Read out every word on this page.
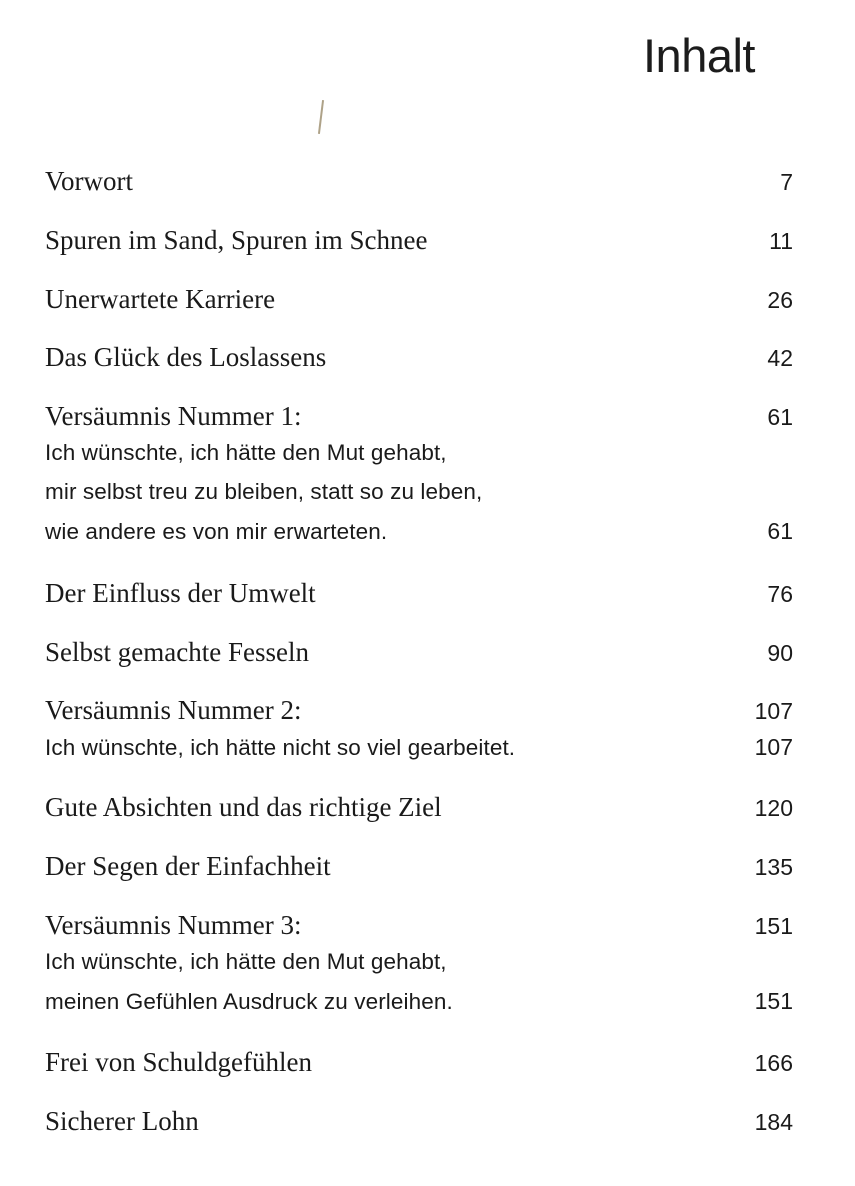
Inhalt
Vorwort	7
Spuren im Sand, Spuren im Schnee	11
Unerwartete Karriere	26
Das Glück des Loslassens	42
Versäumnis Nummer 1:	61
Ich wünschte, ich hätte den Mut gehabt,
mir selbst treu zu bleiben, statt so zu leben,
wie andere es von mir erwarteten.	61
Der Einfluss der Umwelt	76
Selbst gemachte Fesseln	90
Versäumnis Nummer 2:	107
Ich wünschte, ich hätte nicht so viel gearbeitet.	107
Gute Absichten und das richtige Ziel	120
Der Segen der Einfachheit	135
Versäumnis Nummer 3:	151
Ich wünschte, ich hätte den Mut gehabt,
meinen Gefühlen Ausdruck zu verleihen.	151
Frei von Schuldgefühlen	166
Sicherer Lohn	184
